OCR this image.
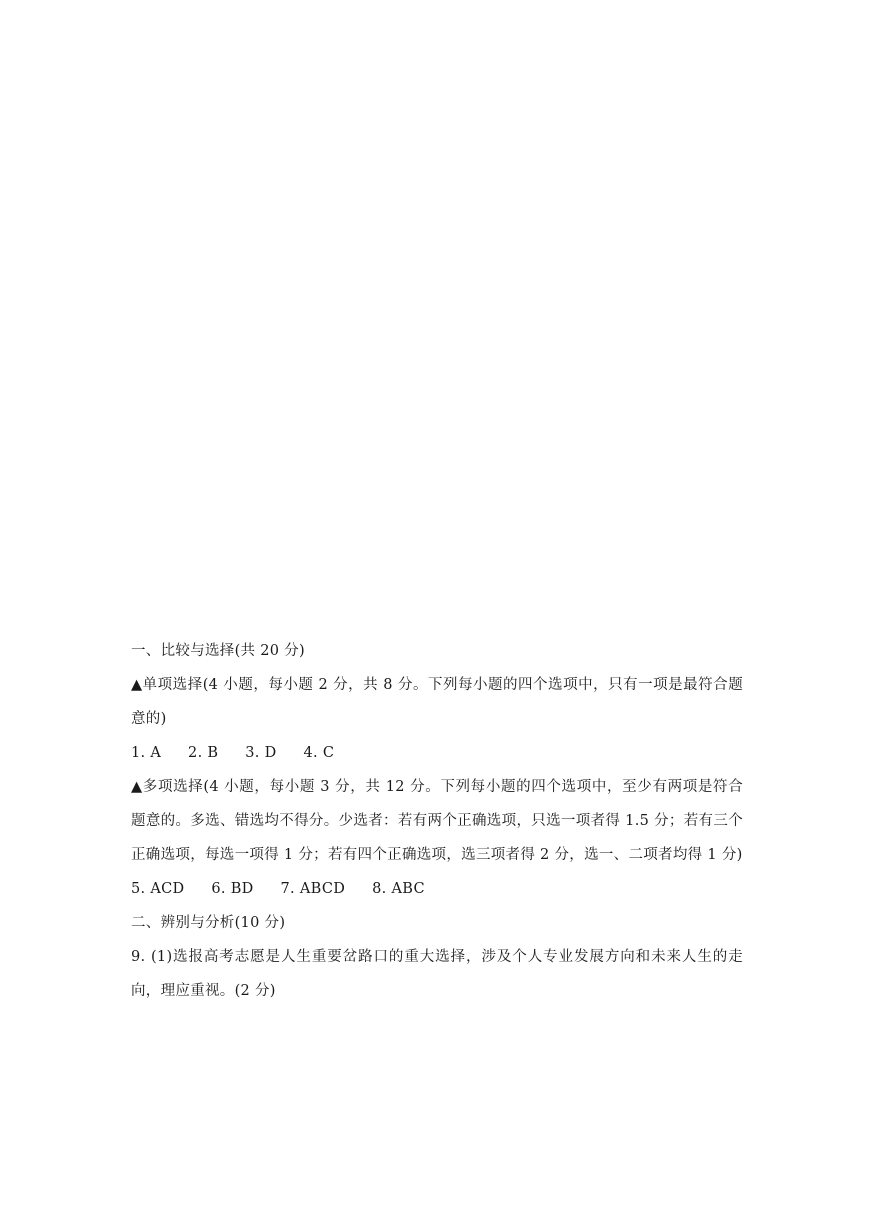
一、比较与选择(共 20 分)
▲单项选择(4 小题，每小题 2 分，共 8 分。下列每小题的四个选项中，只有一项是最符合题意的)
1. A 2. B 3. D 4. C
▲多项选择(4 小题，每小题 3 分，共 12 分。下列每小题的四个选项中，至少有两项是符合题意的。多选、错选均不得分。少选者：若有两个正确选项，只选一项者得 1.5 分；若有三个正确选项，每选一项得 1 分；若有四个正确选项，选三项者得 2 分，选一、二项者均得 1 分)
5. ACD 6. BD 7. ABCD 8. ABC
二、辨别与分析(10 分)
9. (1)选报高考志愿是人生重要岔路口的重大选择，涉及个人专业发展方向和未来人生的走向，理应重视。(2 分)
